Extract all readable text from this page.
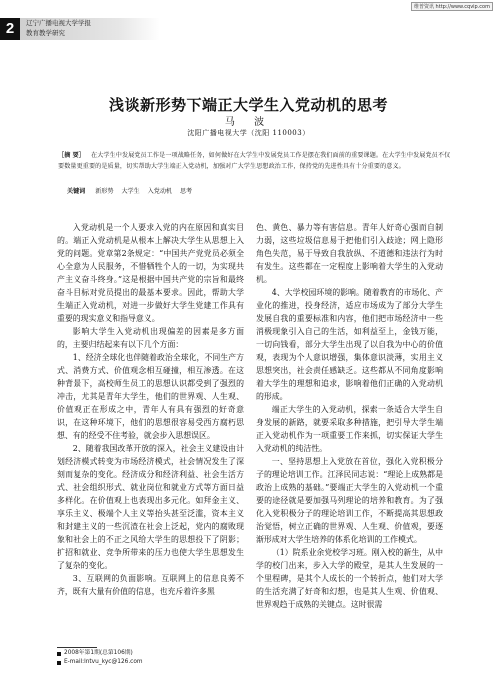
维普资讯 http://www.cqvip.com
2	辽宁广播电视大学学报
教育教学研究
浅谈新形势下端正大学生入党动机的思考
马 波
沈阳广播电视大学（沈阳 110003）
［摘 要］ 在大学生中发展党员工作是一项战略任务，如何做好在大学生中发展党员工作是摆在我们面前的重要课题。在大学生中发展党员不仅要数量更重要的是质量，切实帮助大学生端正入党动机，加强对广大学生思想政治工作，保持党的先进性具有十分重要的意义。
关键词 新形势 大学生 入党动机 思考

入党动机是一个人要求入党的内在原因和真实目的。端正入党动机是从根本上解决大学生从思想上入党的问题。党章第2条规定：“中国共产党党员必须全心全意为人民服务，不惜牺牲个人的一切，为实现共产主义奋斗终身。”这是根据中国共产党的宗旨和最终奋斗目标对党员提出的最基本要求。因此，帮助大学生端正入党动机，对进一步做好大学生党建工作具有重要的现实意义和指导意义。

影响大学生入党动机出现偏差的因素是多方面的，主要归结起来有以下几个方面：

1、经济全球化也伴随着政治全球化，不同生产方式、消费方式、价值观念相互碰撞，相互渗透。在这种背景下，高校师生员工的思想认识都受到了强烈的冲击，尤其是青年大学生，他们的世界观、人生观、价值观正在形成之中，青年人有具有强烈的好奇意识，在这种环境下，他们的思想很容易受西方腐朽思想、有的经受不住考验，就会步入思想误区。

2、随着我国改革开放的深入，社会主义建设由计划经济模式转变为市场经济模式，社会情况发生了深刻而复杂的变化。经济成分和经济利益、社会生活方式、社会组织形式、就业岗位和就业方式等方面日益多样化。在价值观上也表现出多元化。如拜金主义、享乐主义、极端个人主义等抬头甚至泛滥，资本主义和封建主义的一些沉渣在社会上泛起，党内的腐败现象和社会上的不正之风给大学生的思想投下了阴影；扩招和就业、竞争所带来的压力也使大学生思想发生了复杂的变化。

3、互联网的负面影响。互联网上的信息良莠不齐，既有大量有价值的信息，也充斥着许多黑

色、黄色、暴力等有害信息。青年人好奇心强而自制力弱，这些垃圾信息易于把他们引入歧途；网上隐形角色失范，易于导致自我放纵、不道德和违法行为时有发生。这些都在一定程度上影响着大学生的入党动机。

4、大学校园环境的影响。随着教育的市场化、产业化的推进，投身经济，适应市场成为了部分大学生发展自我的重要标准和内容，他们把市场经济中一些消极现象引入自己的生活，如利益至上，金钱万能，一切向钱看，部分大学生出现了以自我为中心的价值观，表现为个人意识增强，集体意识淡薄，实用主义思想突出，社会责任感缺乏。这些都从不同角度影响着大学生的理想和追求，影响着他们正确的入党动机的形成。

端正大学生的入党动机，探索一条适合大学生自身发展的新路，就要采取多种措施，把引导大学生端正入党动机作为一项重要工作来抓，切实保证大学生入党动机的纯洁性。

一、坚持思想上入党放在首位，强化入党积极分子的理论培训工作。江泽民同志说：“理论上成熟都是政治上成熟的基础。”要端正大学生的入党动机一个重要的途径就是要加强马列理论的培养和教育。为了强化入党积极分子的理论培训工作，不断提高其思想政治觉悟，树立正确的世界观、人生观、价值观，要逐渐形成对大学生培养的体系化培训的工作模式。

（1）院系业余党校学习班。刚入校的新生，从中学的校门出来，步入大学的殿堂，是其人生发展的一个里程碑，是其个人成长的一个转折点，他们对大学的生活充满了好奇和幻想，也是其人生观、价值观、世界观趋于成熟的关键点。这时很需

2008年第1期(总第106期)
E-mail:lntvu_kyc@126.com
